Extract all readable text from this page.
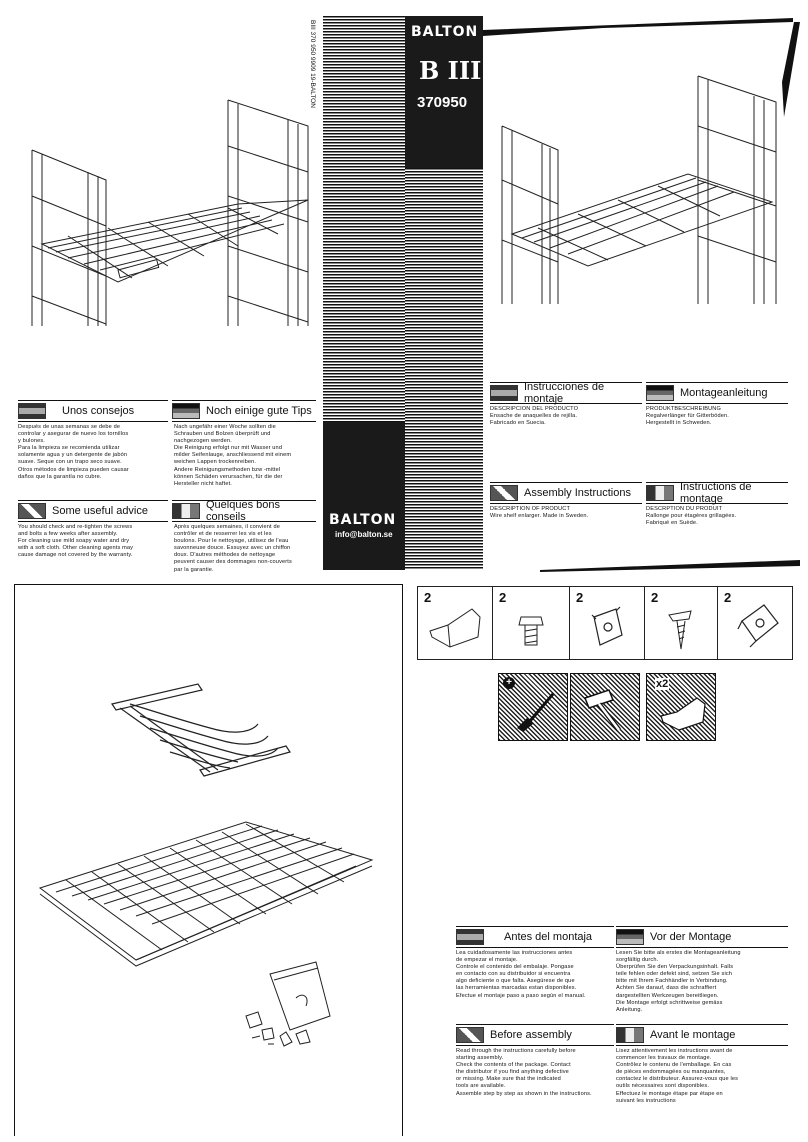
BIII 370 950 9909 19-BALTON	BALTON
B III
370950
BALTON
info@balton.se
Unos consejos	Noch einige gute Tips

Después de unas semanas se debe de

controlar y asegurar de nuevo los tornillos

y bulones.

Para la limpieza se recomienda utilizar

solamente agua y un detergente de jabón

suave. Seque con un trapo seco suave.

Otros métodos de limpieza pueden causar

daños que la garantía no cubre.

Nach ungefähr einer Woche sollten die

Schrauben und Bolzen überprüft und

nachgezogen werden.

Die Reinigung erfolgt nur mit Wasser und

milder Seifenlauge, anschliessend mit einem

weichen Lappen trockenreiben.

Andere Reinigungsmethoden bzw -mittel

können Schäden verursachen, für die der

Hersteller nicht haftet.

Some useful advice	Quelques bons conseils

You should check and re-tighten the screws

and bolts a few weeks after assembly.

For cleaning use mild soapy water and dry

with a soft cloth. Other cleaning agents may

cause damage not covered by the warranty.

Après quelques semaines, il convient de

contrôler et de resserrer les vis et les

boulons. Pour le nettoyage, utilisez de l'eau

savonneuse douce. Essuyez avec un chiffon

doux. D'autres méthodes de nettoyage

peuvent causer des dommages non-couverts

par la garantie.

Instrucciones de montaje	Montageanleitung

DESCRIPCION DEL PRODUCTO

Ensache de anaquelles de rejilla.

Fabricado en Suecia.

PRODUKTBESCHREIBUNG

Regalverlänger für Gitterböden.

Hergestellt in Schweden.

Assembly Instructions	Instructions de montage

DESCRIPTION OF PRODUCT

Wire shelf enlarger. Made in Sweden.

DESCRPTION DU PRODUIT

Rallonge pour étagères grillagées.

Fabriqué en Suède.

2	2	2	2	2
+	x2
Antes del montaja	Vor der Montage

Lea cuidadosamente las instrucciones antes

de empezar el montaje.

Controle el contenido del embalaje. Pongase

en contacto con su distribuidor si encuentra

algo deficiente o que falta. Asegúrese de que

las herramientas marcadas estan disponibles.

Efectue el montaje paso a paso según el manual.

Lesen Sie bitte als erstes die Montageanleitung

sorgfältig durch.

Überprüfen Sie den Verpackungsinhalt. Falls

teile fehlen oder defekt sind, setzen Sie sich

bitte mit Ihrem Fachhändler in Verbindung.

Achten Sie darauf, dass die schraffiert

dargestellten Werkzeugen bereitliegen.

Die Montage erfolgt schrittweise gemäss

Anleitung.

Before assembly	Avant le montage

Read through the instructions carefully before

starting assembly.

Check the contents of the package. Contact

the distributor if you find anything defective

or missing. Make sure that the indicated

tools are available.

Assemble step by step as shown in the instructions.

Lisez attentivement les instructions avant de

commencer les travaux de montage.

Contrôlez le contenu de l'emballage. En cas

de pièces endommagées ou manquantes,

contactez le distributeur. Assurez-vous que les

outils nécessaires sont disponibles.

Effectuez le montage étape par étape en

suivant les instructions
